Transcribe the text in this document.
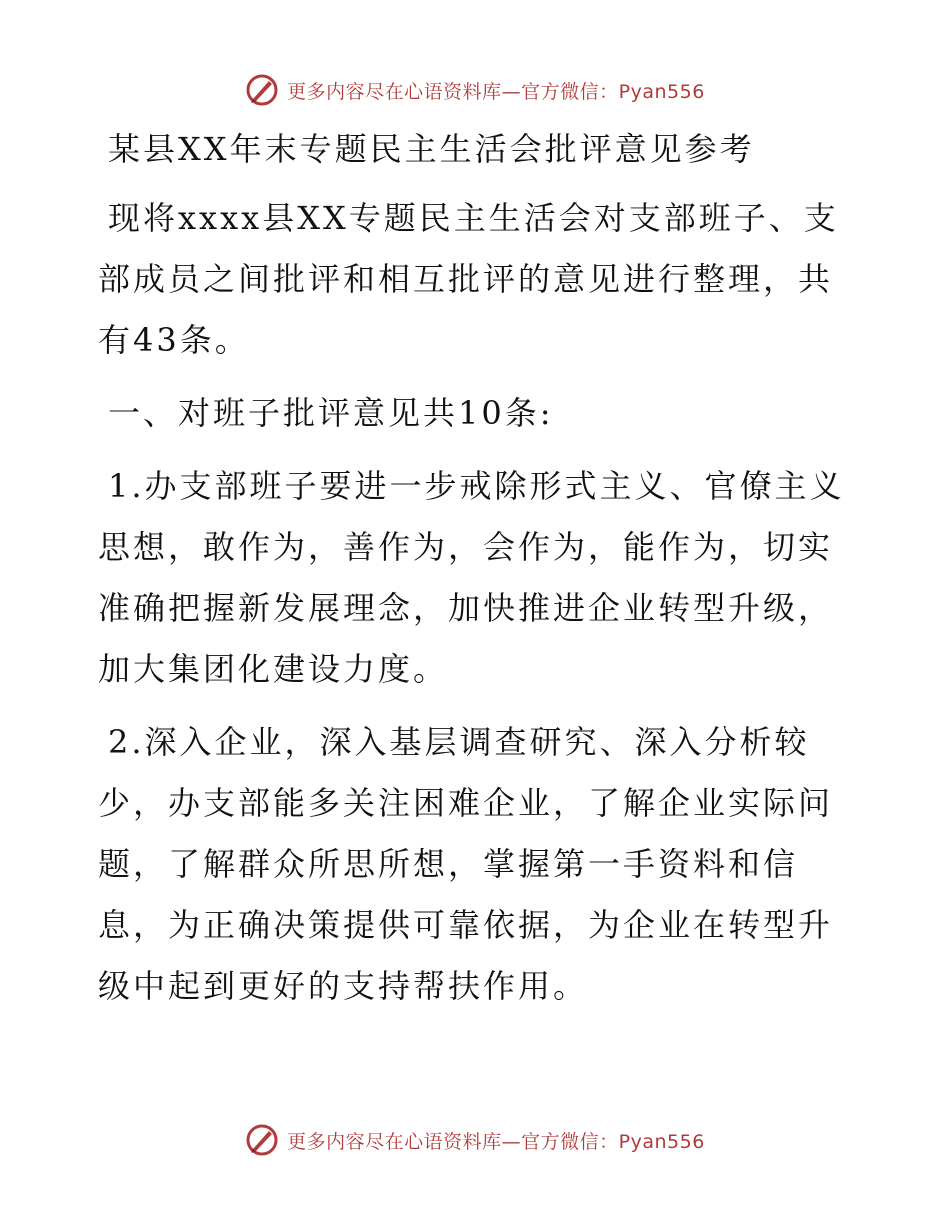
更多内容尽在心语资料库—官方微信：Pyan556
某县XX年末专题民主生活会批评意见参考

现将xxxx县XX专题民主生活会对支部班子、支部成员之间批评和相互批评的意见进行整理，共有43条。

一、对班子批评意见共10条:

1.办支部班子要进一步戒除形式主义、官僚主义思想，敢作为，善作为，会作为，能作为，切实准确把握新发展理念，加快推进企业转型升级，加大集团化建设力度。

2.深入企业，深入基层调查研究、深入分析较少，办支部能多关注困难企业，了解企业实际问题，了解群众所思所想，掌握第一手资料和信息，为正确决策提供可靠依据，为企业在转型升级中起到更好的支持帮扶作用。

更多内容尽在心语资料库—官方微信：Pyan556
